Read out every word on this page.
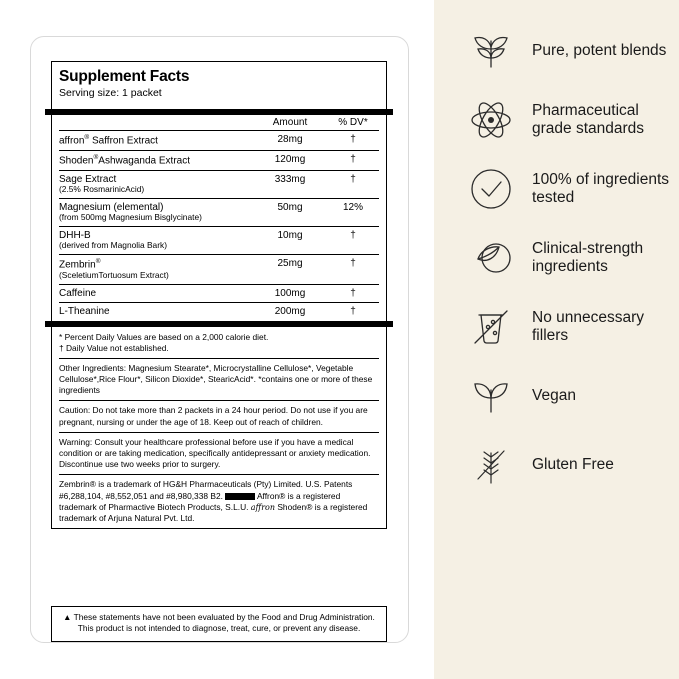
Supplement Facts
Serving size: 1 packet
	Amount	% DV*
affron® Saffron Extract	28mg	†
Shoden®Ashwaganda Extract	120mg	†
Sage Extract
(2.5% RosmarinicAcid)	333mg	†
Magnesium (elemental)
(from 500mg Magnesium Bisglycinate)	50mg	12%
DHH-B
(derived from Magnolia Bark)	10mg	†
Zembrin®
(SceletiumTortuosum Extract)	25mg	†
Caffeine	100mg	†
L-Theanine	200mg	†
* Percent Daily Values are based on a 2,000 calorie diet.
† Daily Value not established.
Other Ingredients: Magnesium Stearate*, Microcrystalline Cellulose*, Vegetable Cellulose*,Rice Flour*, Silicon Dioxide*, StearicAcid*. *contains one or more of these ingredients
Caution: Do not take more than 2 packets in a 24 hour period. Do not use if you are pregnant, nursing or under the age of 18. Keep out of reach of children.
Warning: Consult your healthcare professional before use if you have a medical condition or are taking medication, specifically antidepressant or anxiety medication. Discontinue use two weeks prior to surgery.
Zembrin® is a trademark of HG&H Pharmaceuticals (Pty) Limited. U.S. Patents #6,288,104, #8,552,051 and #8,980,338 B2.	Affron® is a registered trademark of Pharmactive Biotech Products, S.L.U. affron Shoden® is a registered trademark of Arjuna Natural Pvt. Ltd.
▲ These statements have not been evaluated by the Food and Drug Administration. This product is not intended to diagnose, treat, cure, or prevent any disease.
Pure, potent blends
Pharmaceutical grade standards
100% of ingredients tested
Clinical-strength ingredients
No unnecessary fillers
Vegan
Gluten Free
